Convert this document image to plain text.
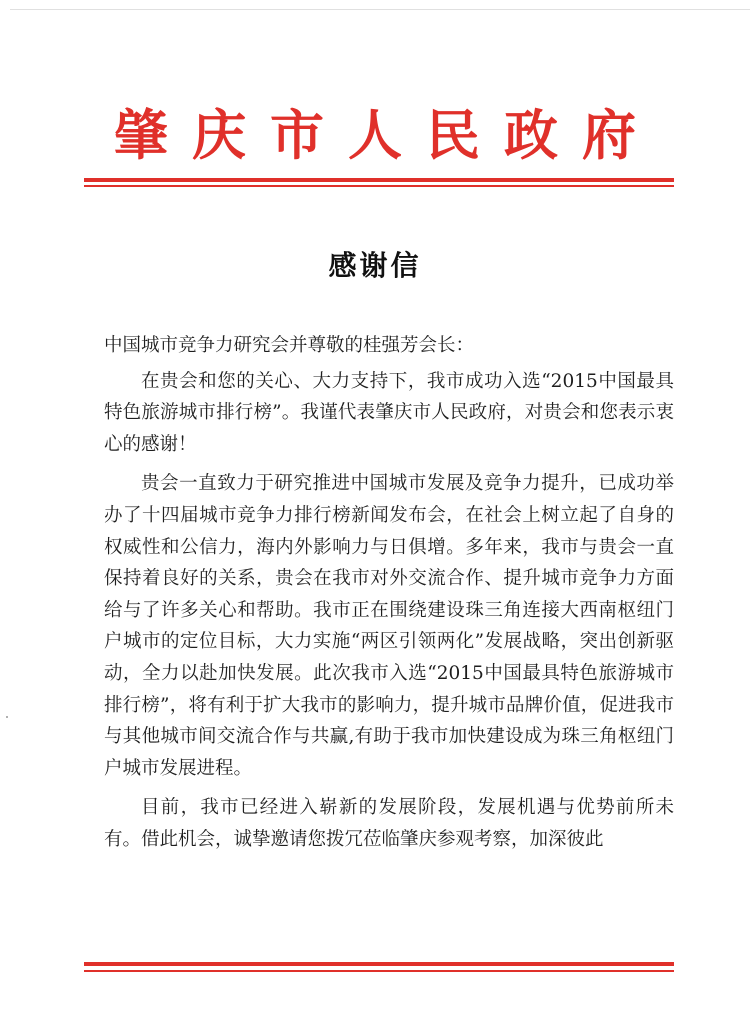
肇庆市人民政府
感谢信

中国城市竞争力研究会并尊敬的桂强芳会长：

在贵会和您的关心、大力支持下，我市成功入选“2015中国最具特色旅游城市排行榜”。我谨代表肇庆市人民政府，对贵会和您表示衷心的感谢！

贵会一直致力于研究推进中国城市发展及竞争力提升，已成功举办了十四届城市竞争力排行榜新闻发布会，在社会上树立起了自身的权威性和公信力，海内外影响力与日俱增。多年来，我市与贵会一直保持着良好的关系，贵会在我市对外交流合作、提升城市竞争力方面给与了许多关心和帮助。我市正在围绕建设珠三角连接大西南枢纽门户城市的定位目标，大力实施“两区引领两化”发展战略，突出创新驱动，全力以赴加快发展。此次我市入选“2015中国最具特色旅游城市排行榜”，将有利于扩大我市的影响力，提升城市品牌价值，促进我市与其他城市间交流合作与共赢,有助于我市加快建设成为珠三角枢纽门户城市发展进程。

目前，我市已经进入崭新的发展阶段，发展机遇与优势前所未有。借此机会，诚挚邀请您拨冗莅临肇庆参观考察，加深彼此
